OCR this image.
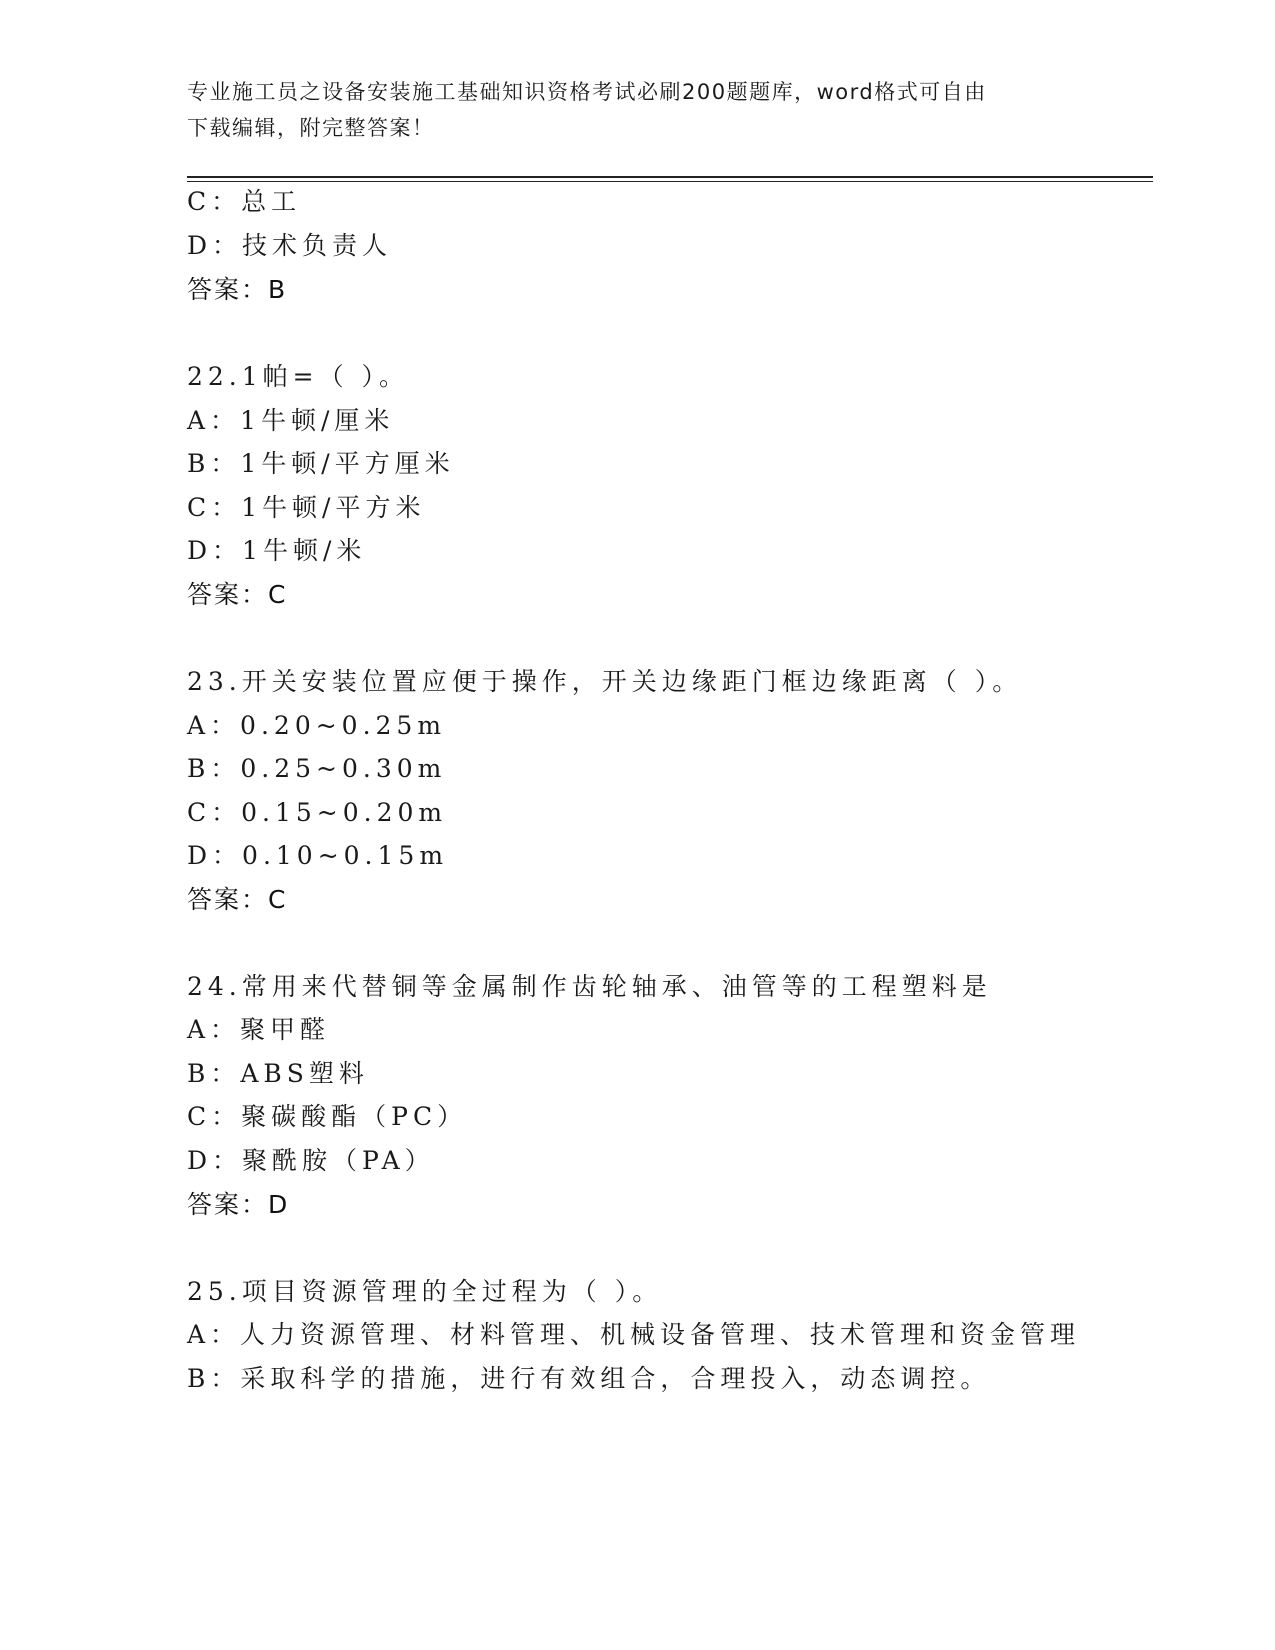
专业施工员之设备安装施工基础知识资格考试必刷200题题库，word格式可自由
下载编辑，附完整答案！
C：总工
D：技术负责人
答案：B
22.1帕=（ ）。
A：1牛顿/厘米
B：1牛顿/平方厘米
C：1牛顿/平方米
D：1牛顿/米
答案：C
23.开关安装位置应便于操作，开关边缘距门框边缘距离（ ）。
A：0.20~0.25m
B：0.25~0.30m
C：0.15~0.20m
D：0.10~0.15m
答案：C
24.常用来代替铜等金属制作齿轮轴承、油管等的工程塑料是
A：聚甲醛
B：ABS塑料
C：聚碳酸酯（PC）
D：聚酰胺（PA）
答案：D
25.项目资源管理的全过程为（ ）。
A：人力资源管理、材料管理、机械设备管理、技术管理和资金管理
B：采取科学的措施，进行有效组合，合理投入，动态调控。
